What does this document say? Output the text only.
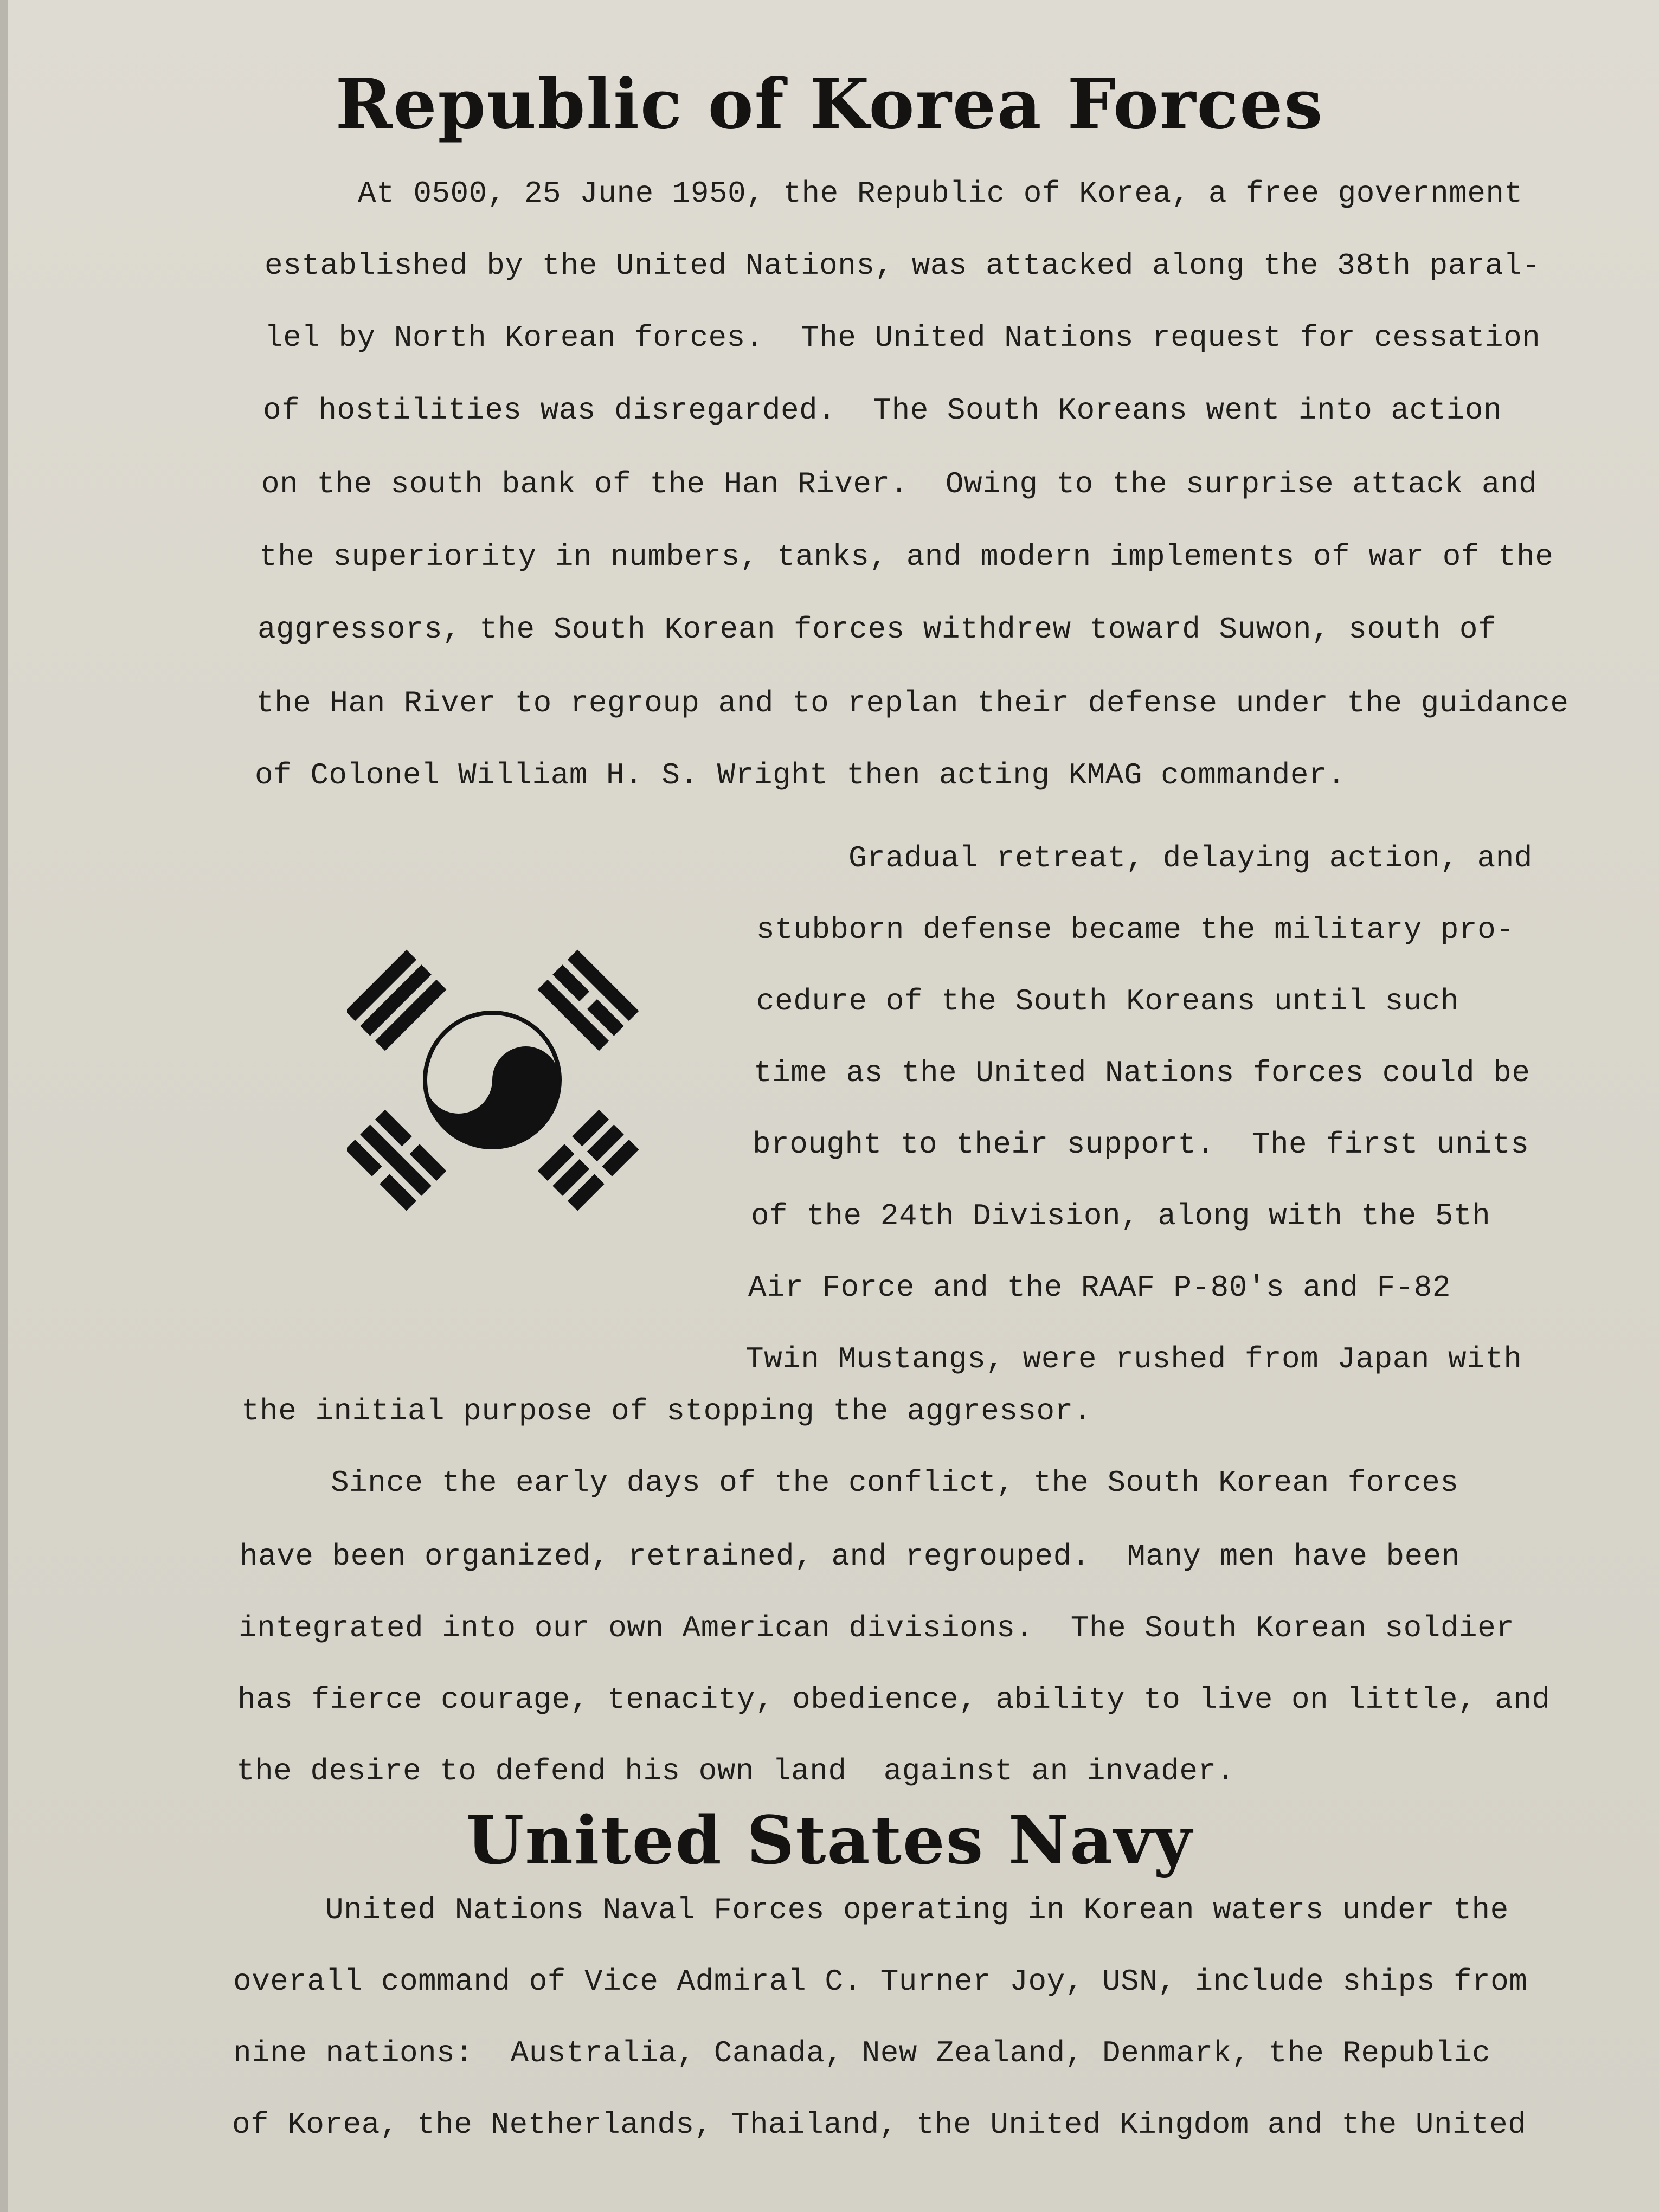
Republic of Korea Forces

At 0500, 25 June 1950, the Republic of Korea, a free government

established by the United Nations, was attacked along the 38th paral-

lel by North Korean forces.  The United Nations request for cessation

of hostilities was disregarded.  The South Koreans went into action

on the south bank of the Han River.  Owing to the surprise attack and

the superiority in numbers, tanks, and modern implements of war of the

aggressors, the South Korean forces withdrew toward Suwon, south of

the Han River to regroup and to replan their defense under the guidance

of Colonel William H. S. Wright then acting KMAG commander.

Gradual retreat, delaying action, and

stubborn defense became the military pro-

cedure of the South Koreans until such

time as the United Nations forces could be

brought to their support.  The first units

of the 24th Division, along with the 5th

Air Force and the RAAF P-80's and F-82

Twin Mustangs, were rushed from Japan with

the initial purpose of stopping the aggressor.

Since the early days of the conflict, the South Korean forces

have been organized, retrained, and regrouped.  Many men have been

integrated into our own American divisions.  The South Korean soldier

has fierce courage, tenacity, obedience, ability to live on little, and

the desire to defend his own land  against an invader.

United States Navy

United Nations Naval Forces operating in Korean waters under the

overall command of Vice Admiral C. Turner Joy, USN, include ships from

nine nations:  Australia, Canada, New Zealand, Denmark, the Republic

of Korea, the Netherlands, Thailand, the United Kingdom and the United
